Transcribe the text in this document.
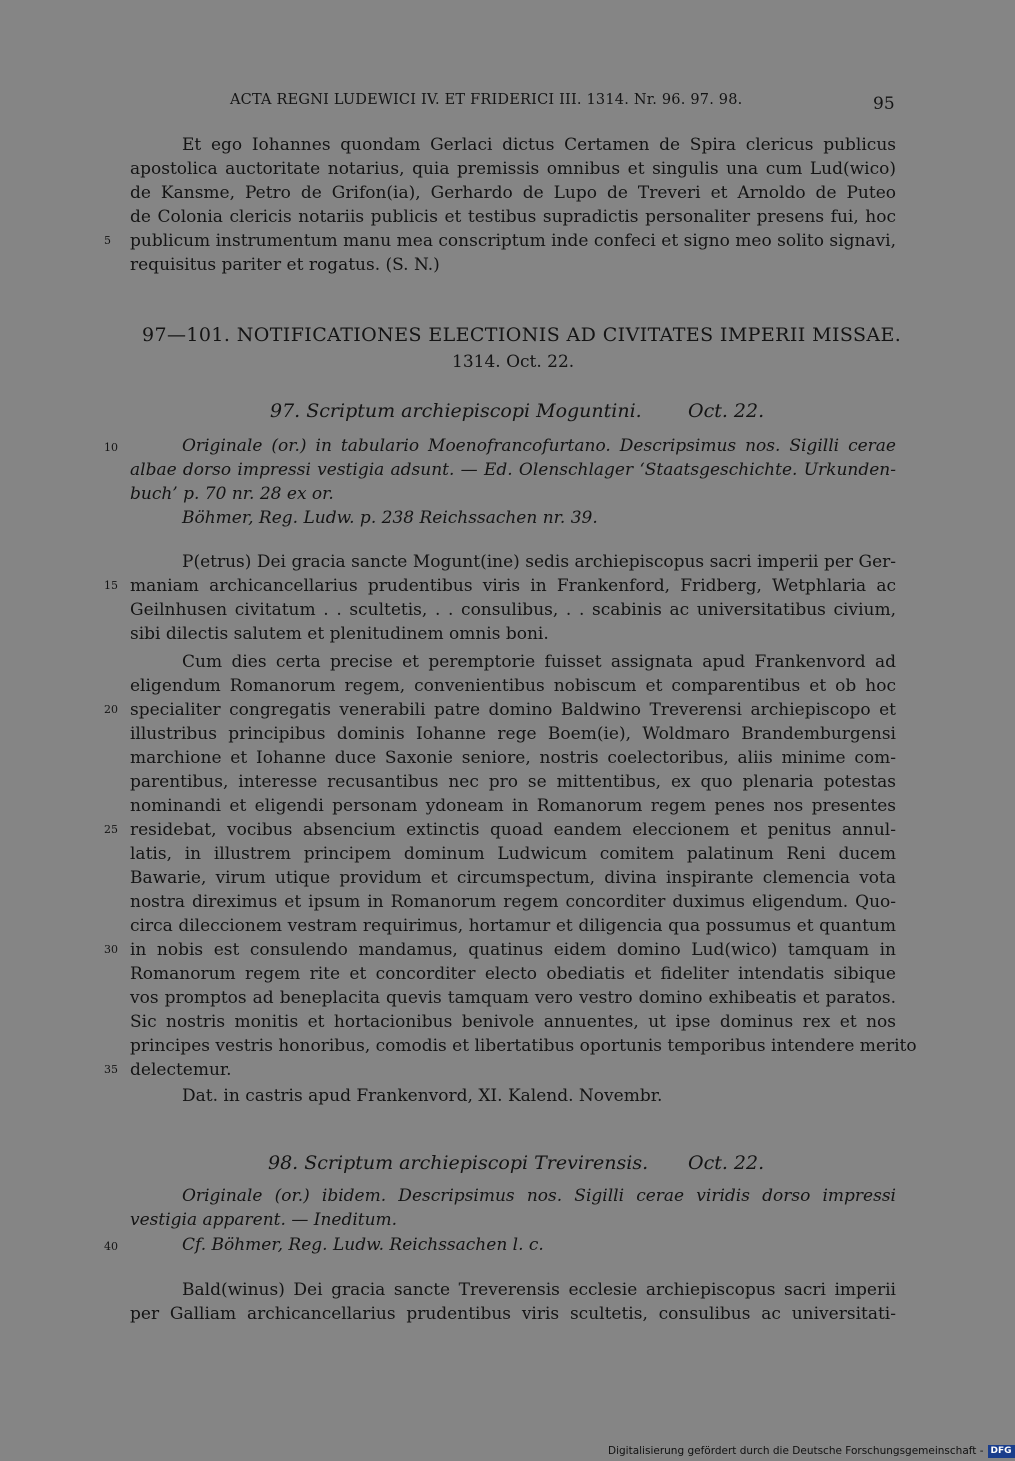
ACTA REGNI LUDEWICI IV. ET FRIDERICI III. 1314. Nr. 96. 97. 98.	95
Et ego Iohannes quondam Gerlaci dictus Certamen de Spira clericus publicus
apostolica auctoritate notarius, quia premissis omnibus et singulis una cum Lud(wico)
de Kansme, Petro de Grifon(ia), Gerhardo de Lupo de Treveri et Arnoldo de Puteo
de Colonia clericis notariis publicis et testibus supradictis personaliter presens fui, hoc
publicum instrumentum manu mea conscriptum inde confeci et signo meo solito signavi,
requisitus pariter et rogatus. (S. N.)
97—101. NOTIFICATIONES ELECTIONIS AD CIVITATES IMPERII MISSAE.
1314. Oct. 22.
97. Scriptum archiepiscopi Moguntini. Oct. 22.
Originale (or.) in tabulario Moenofrancofurtano. Descripsimus nos. Sigilli cerae
albae dorso impressi vestigia adsunt. — Ed. Olenschlager ‘Staatsgeschichte. Urkunden-
buch’ p. 70 nr. 28 ex or.
Böhmer, Reg. Ludw. p. 238 Reichssachen nr. 39.
P(etrus) Dei gracia sancte Mogunt(ine) sedis archiepiscopus sacri imperii per Ger-
maniam archicancellarius prudentibus viris in Frankenford, Fridberg, Wetphlaria ac
Geilnhusen civitatum . . scultetis, . . consulibus, . . scabinis ac universitatibus civium,
sibi dilectis salutem et plenitudinem omnis boni.
Cum dies certa precise et peremptorie fuisset assignata apud Frankenvord ad
eligendum Romanorum regem, convenientibus nobiscum et comparentibus et ob hoc
specialiter congregatis venerabili patre domino Baldwino Treverensi archiepiscopo et
illustribus principibus dominis Iohanne rege Boem(ie), Woldmaro Brandemburgensi
marchione et Iohanne duce Saxonie seniore, nostris coelectoribus, aliis minime com-
parentibus, interesse recusantibus nec pro se mittentibus, ex quo plenaria potestas
nominandi et eligendi personam ydoneam in Romanorum regem penes nos presentes
residebat, vocibus absencium extinctis quoad eandem eleccionem et penitus annul-
latis, in illustrem principem dominum Ludwicum comitem palatinum Reni ducem
Bawarie, virum utique providum et circumspectum, divina inspirante clemencia vota
nostra direximus et ipsum in Romanorum regem concorditer duximus eligendum. Quo-
circa dileccionem vestram requirimus, hortamur et diligencia qua possumus et quantum
in nobis est consulendo mandamus, quatinus eidem domino Lud(wico) tamquam in
Romanorum regem rite et concorditer electo obediatis et fideliter intendatis sibique
vos promptos ad beneplacita quevis tamquam vero vestro domino exhibeatis et paratos.
Sic nostris monitis et hortacionibus benivole annuentes, ut ipse dominus rex et nos
principes vestris honoribus, comodis et libertatibus oportunis temporibus intendere merito
delectemur.
Dat. in castris apud Frankenvord, XI. Kalend. Novembr.
98. Scriptum archiepiscopi Trevirensis. Oct. 22.
Originale (or.) ibidem. Descripsimus nos. Sigilli cerae viridis dorso impressi
vestigia apparent. — Ineditum.
Cf. Böhmer, Reg. Ludw. Reichssachen l. c.
Bald(winus) Dei gracia sancte Treverensis ecclesie archiepiscopus sacri imperii
per Galliam archicancellarius prudentibus viris scultetis, consulibus ac universitati-
5
10
15
20
25
30
35
40
Digitalisierung gefördert durch die Deutsche Forschungsgemeinschaft - DFG
